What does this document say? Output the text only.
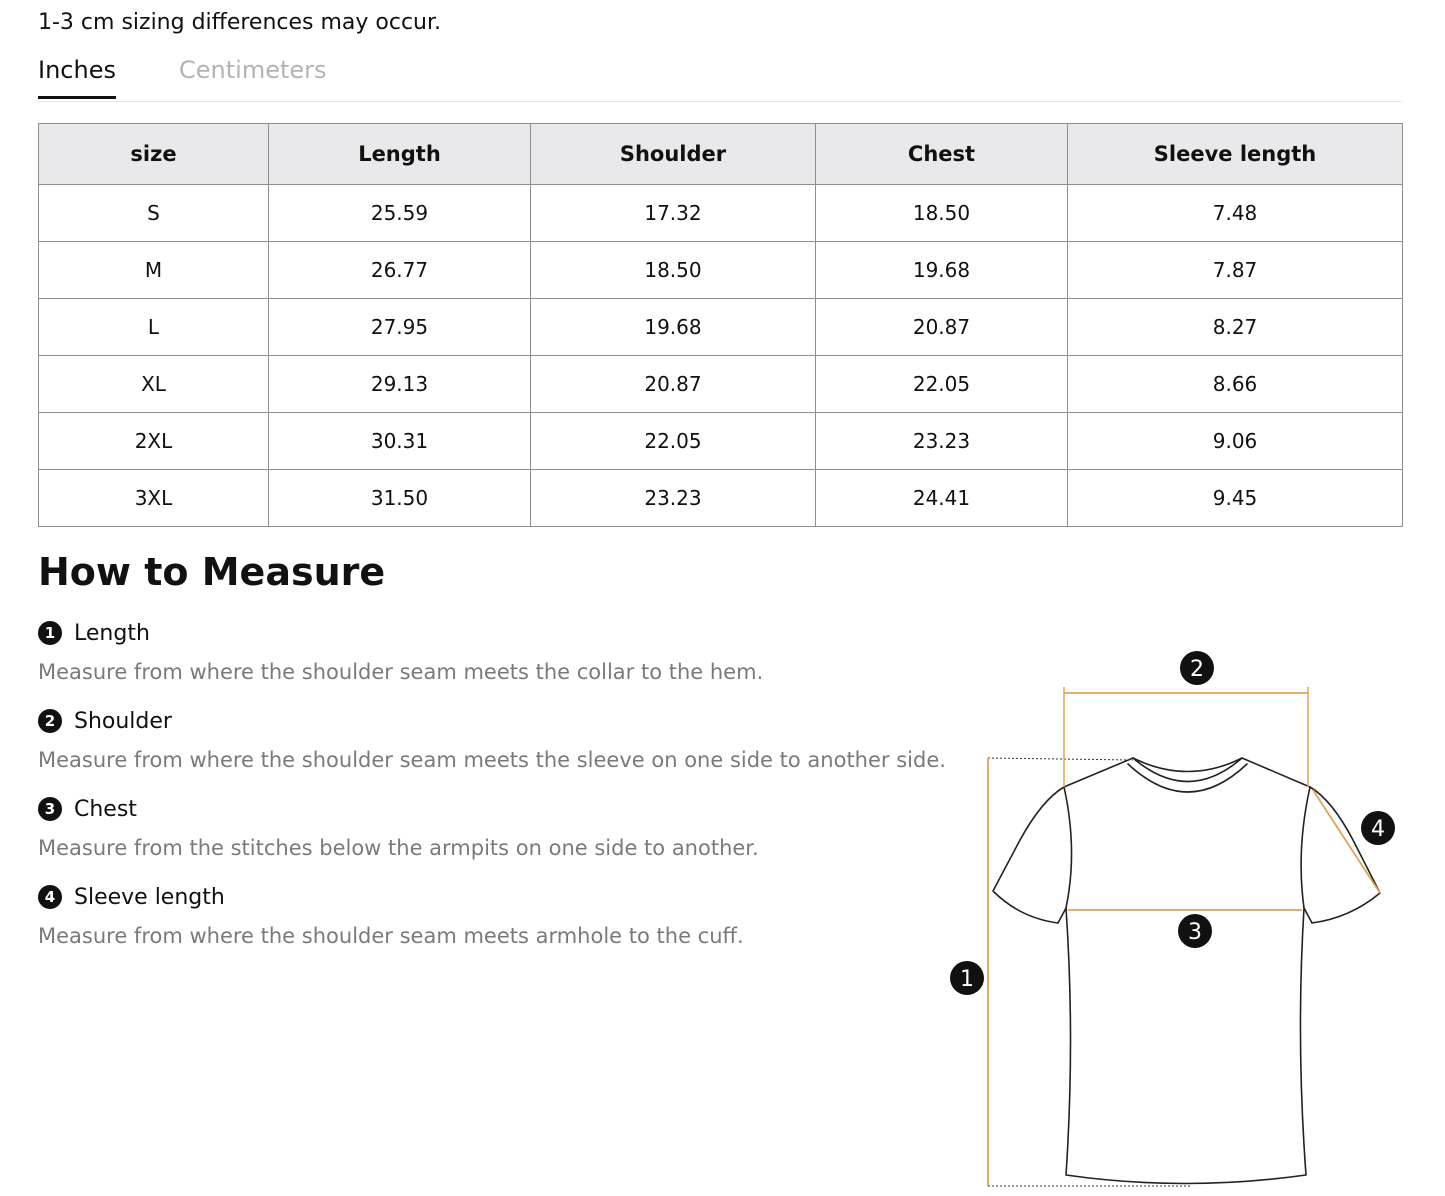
1-3 cm sizing differences may occur.
Inches	Centimeters
size	Length	Shoulder	Chest	Sleeve length
S	25.59	17.32	18.50	7.48
M	26.77	18.50	19.68	7.87
L	27.95	19.68	20.87	8.27
XL	29.13	20.87	22.05	8.66
2XL	30.31	22.05	23.23	9.06
3XL	31.50	23.23	24.41	9.45
How to Measure
1 Length
Measure from where the shoulder seam meets the collar to the hem.
2 Shoulder
Measure from where the shoulder seam meets the sleeve on one side to another side.
3 Chest
Measure from the stitches below the armpits on one side to another.
4 Sleeve length
Measure from where the shoulder seam meets armhole to the cuff.
1
2
3
4
